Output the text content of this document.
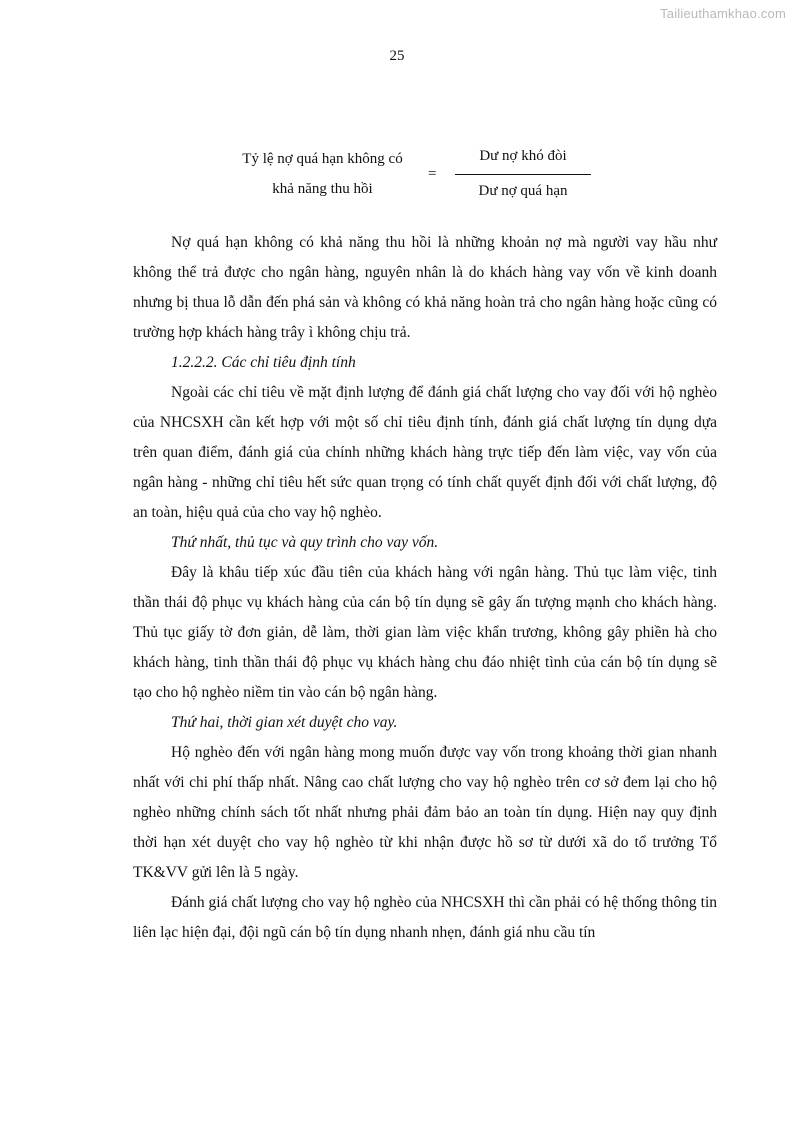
Tailieuthamkhao.com
25
Tỷ lệ nợ quá hạn không có
khả năng thu hồi
=
Dư nợ khó đòi
Dư nợ quá hạn

Nợ quá hạn không có khả năng thu hồi là những khoản nợ mà người vay hầu như không thể trả được cho ngân hàng, nguyên nhân là do khách hàng vay vốn về kinh doanh nhưng bị thua lỗ dẫn đến phá sản và không có khả năng hoàn trả cho ngân hàng hoặc cũng có trường hợp khách hàng trây ì không chịu trả.

1.2.2.2. Các chỉ tiêu định tính

Ngoài các chỉ tiêu về mặt định lượng để đánh giá chất lượng cho vay đối với hộ nghèo của NHCSXH cần kết hợp với một số chỉ tiêu định tính, đánh giá chất lượng tín dụng dựa trên quan điểm, đánh giá của chính những khách hàng trực tiếp đến làm việc, vay vốn của ngân hàng - những chỉ tiêu hết sức quan trọng có tính chất quyết định đối với chất lượng, độ an toàn, hiệu quả của cho vay hộ nghèo.

Thứ nhất, thủ tục và quy trình cho vay vốn.

Đây là khâu tiếp xúc đầu tiên của khách hàng với ngân hàng. Thủ tục làm việc, tinh thần thái độ phục vụ khách hàng của cán bộ tín dụng sẽ gây ấn tượng mạnh cho khách hàng. Thủ tục giấy tờ đơn giản, dễ làm, thời gian làm việc khẩn trương, không gây phiền hà cho khách hàng, tinh thần thái độ phục vụ khách hàng chu đáo nhiệt tình của cán bộ tín dụng sẽ tạo cho hộ nghèo niềm tin vào cán bộ ngân hàng.

Thứ hai, thời gian xét duyệt cho vay.

Hộ nghèo đến với ngân hàng mong muốn được vay vốn trong khoảng thời gian nhanh nhất với chi phí thấp nhất. Nâng cao chất lượng cho vay hộ nghèo trên cơ sở đem lại cho hộ nghèo những chính sách tốt nhất nhưng phải đảm bảo an toàn tín dụng. Hiện nay quy định thời hạn xét duyệt cho vay hộ nghèo từ khi nhận được hồ sơ từ dưới xã do tổ trưởng Tổ TK&VV gửi lên là 5 ngày.

Đánh giá chất lượng cho vay hộ nghèo của NHCSXH thì cần phải có hệ thống thông tin liên lạc hiện đại, đội ngũ cán bộ tín dụng nhanh nhẹn, đánh giá nhu cầu tín
